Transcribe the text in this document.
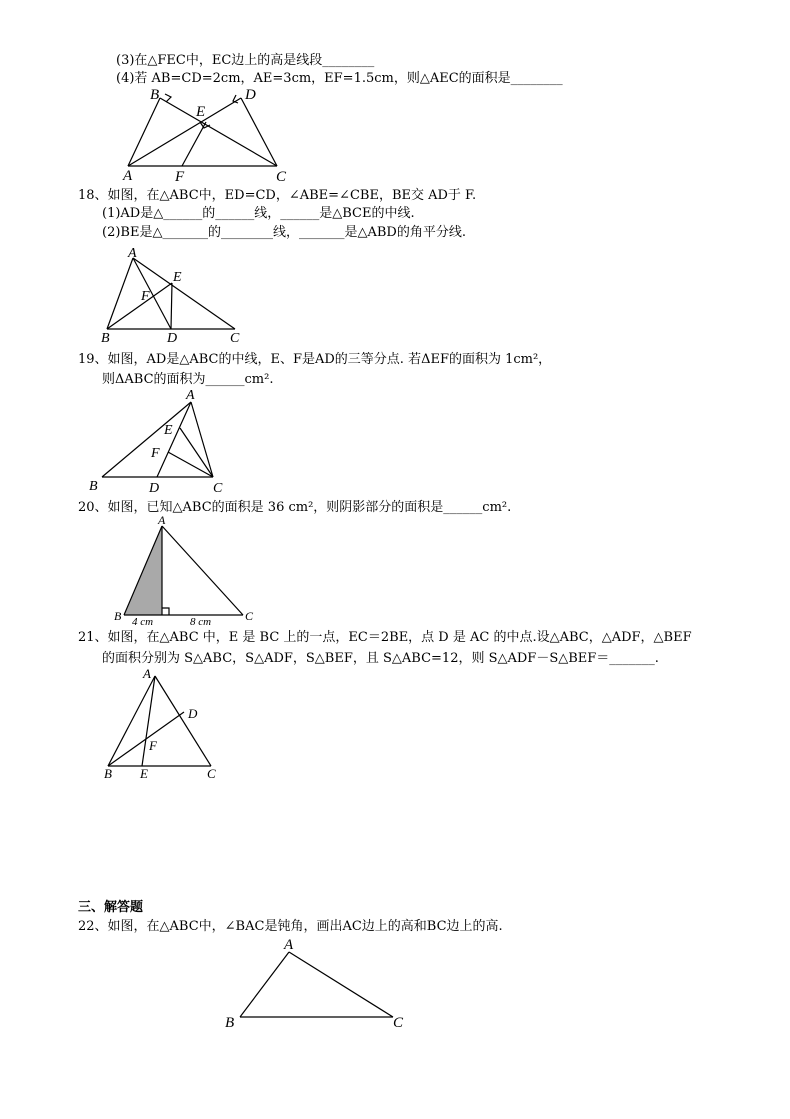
(3)在△FEC中，EC边上的高是线段________
(4)若 AB=CD=2cm，AE=3cm，EF=1.5cm，则△AEC的面积是________
B
E
D
A	F	C
18、如图，在△ABC中，ED=CD，∠ABE=∠CBE，BE交 AD于 F.
(1)AD是△______的______线，______是△BCE的中线.
(2)BE是△_______的________线，_______是△ABD的角平分线.
A
E
F
B	D	C
19、如图，AD是△ABC的中线，E、F是AD的三等分点. 若ΔEF的面积为 1cm²，
则ΔABC的面积为______cm².
A
E
F
B	D	C
20、如图，已知△ABC的面积是 36 cm²，则阴影部分的面积是______cm².
A
B	C
4 cm	8 cm
21、如图，在△ABC 中，E 是 BC 上的一点，EC＝2BE，点 D 是 AC 的中点.设△ABC，△ADF，△BEF
的面积分别为 S△ABC，S△ADF，S△BEF，且 S△ABC=12，则 S△ADF－S△BEF＝_______.
A
D
F
B E	C
三、解答题
22、如图，在△ABC中，∠BAC是钝角，画出AC边上的高和BC边上的高.
A
B	C
